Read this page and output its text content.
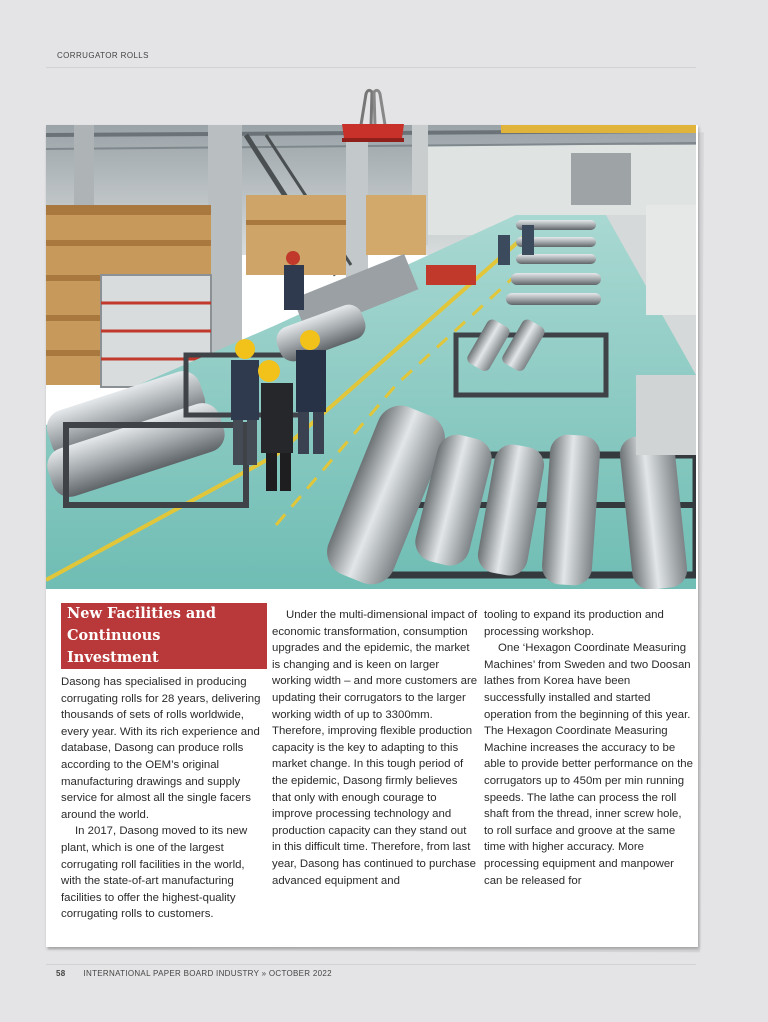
CORRUGATOR ROLLS
New Facilities and
Continuous Investment

Dasong has specialised in producing corrugating rolls for 28 years, delivering thousands of sets of rolls worldwide, every year. With its rich experience and database, Dasong can produce rolls according to the OEM’s original manufacturing drawings and supply service for almost all the single facers around the world.

In 2017, Dasong moved to its new plant, which is one of the largest corrugating roll facilities in the world, with the state-of-art manufacturing facilities to offer the highest-quality corrugating rolls to customers.

Under the multi-dimensional impact of economic transformation, consumption upgrades and the epidemic, the market is changing and is keen on larger working width – and more customers are updating their corrugators to the larger working width of up to 3300mm. Therefore, improving flexible production capacity is the key to adapting to this market change. In this tough period of the epidemic, Dasong firmly believes that only with enough courage to improve processing technology and production capacity can they stand out in this difficult time. Therefore, from last year, Dasong has continued to purchase advanced equipment and

tooling to expand its production and processing workshop.

One ‘Hexagon Coordinate Measuring Machines’ from Sweden and two Doosan lathes from Korea have been successfully installed and started operation from the beginning of this year. The Hexagon Coordinate Measuring Machine increases the accuracy to be able to provide better performance on the corrugators up to 450m per min running speeds. The lathe can process the roll shaft from the thread, inner screw hole, to roll surface and groove at the same time with higher accuracy. More processing equipment and manpower can be released for

58 INTERNATIONAL PAPER BOARD INDUSTRY » OCTOBER 2022
